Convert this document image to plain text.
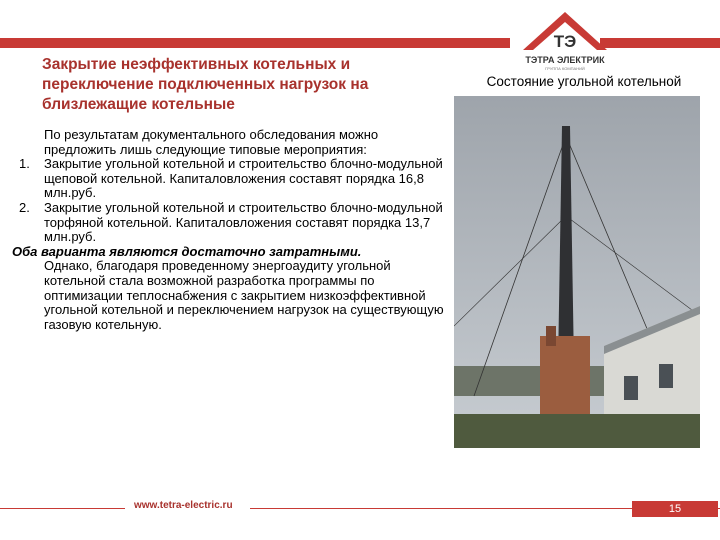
ТЭ
ТЭТРА ЭЛЕКТРИК
ГРУППА КОМПАНИЙ
Закрытие неэффективных котельных и переключение подключенных нагрузок на близлежащие котельные
Состояние угольной котельной

По результатам документального обследования можно предложить лишь следующие типовые мероприятия:

1. Закрытие угольной котельной и строительство блочно-модульной щеповой котельной. Капиталовложения составят порядка 16,8 млн.руб.
2. Закрытие угольной котельной и строительство блочно-модульной торфяной котельной. Капиталовложения составят порядка 13,7 млн.руб.

Оба варианта являются достаточно затратными.

Однако, благодаря проведенному энергоаудиту угольной котельной стала возможной разработка программы по оптимизации теплоснабжения с закрытием низкоэффективной угольной котельной и переключением нагрузок на существующую газовую котельную.

www.tetra-electric.ru	15
